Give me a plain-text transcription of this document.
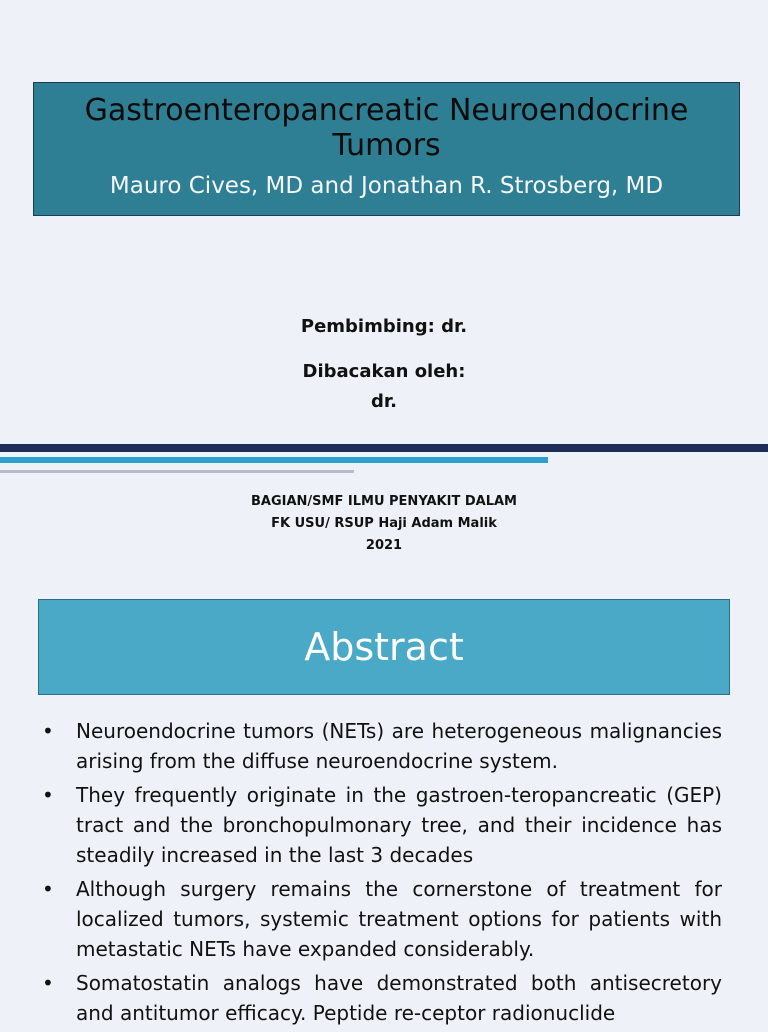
Gastroenteropancreatic Neuroendocrine Tumors
Mauro Cives, MD and Jonathan R. Strosberg, MD
Pembimbing: dr.
Dibacakan oleh:
dr.
BAGIAN/SMF ILMU PENYAKIT DALAM
FK USU/ RSUP Haji Adam Malik
2021
Abstract
• Neuroendocrine tumors (NETs) are heterogeneous malignancies arising from the diffuse neuroendocrine system.
• They frequently originate in the gastroen-teropancreatic (GEP) tract and the bronchopulmonary tree, and their incidence has steadily increased in the last 3 decades
• Although surgery remains the cornerstone of treatment for localized tumors, systemic treatment options for patients with metastatic NETs have expanded considerably.
• Somatostatin analogs have demonstrated both antisecretory and antitumor efficacy. Peptide re-ceptor radionuclide
